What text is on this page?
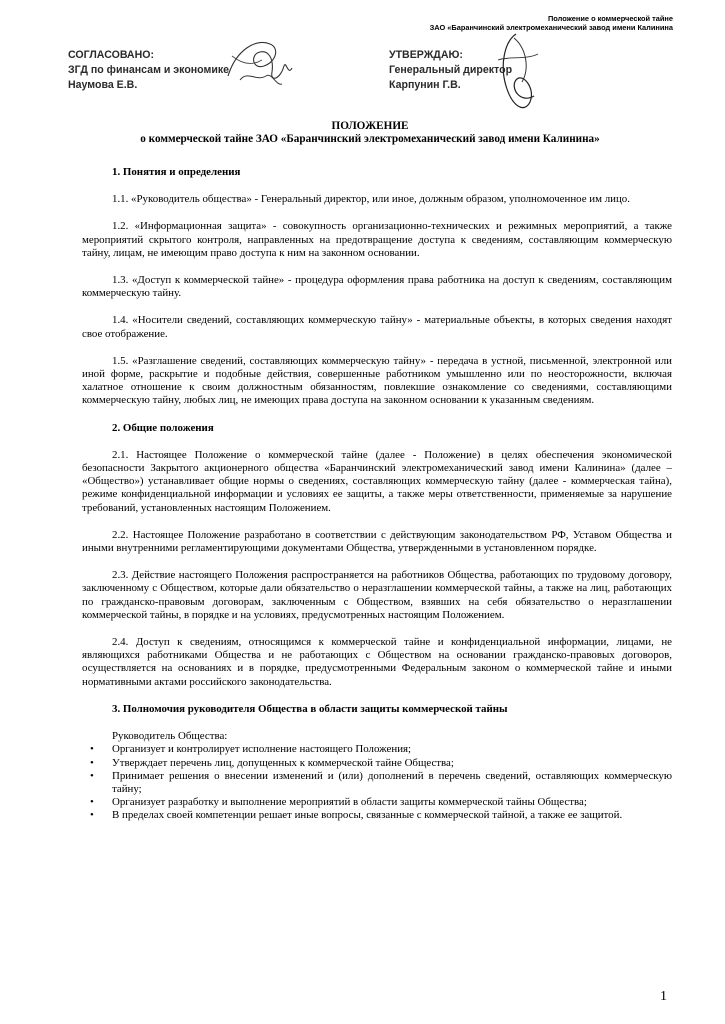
Положение о коммерческой тайне
ЗАО «Баранчинский электромеханический завод имени Калинина
СОГЛАСОВАНО:
ЗГД по финансам и экономике
Наумова Е.В.
УТВЕРЖДАЮ:
Генеральный директор
Карпунин Г.В.
ПОЛОЖЕНИЕ
о коммерческой тайне ЗАО «Баранчинский электромеханический завод имени Калинина»

1. Понятия и определения

1.1. «Руководитель общества» - Генеральный директор, или иное, должным образом, уполномоченное им лицо.

1.2. «Информационная защита» - совокупность организационно-технических и режимных мероприятий, а также мероприятий скрытого контроля, направленных на предотвращение доступа к сведениям, составляющим коммерческую тайну, лицам, не имеющим право доступа к ним на законном основании.

1.3. «Доступ к коммерческой тайне» - процедура оформления права работника на доступ к сведениям, составляющим коммерческую тайну.

1.4. «Носители сведений, составляющих коммерческую тайну» - материальные объекты, в которых сведения находят свое отображение.

1.5. «Разглашение сведений, составляющих коммерческую тайну» - передача в устной, письменной, электронной или иной форме, раскрытие и подобные действия, совершенные работником умышленно или по неосторожности, включая халатное отношение к своим должностным обязанностям, повлекшие ознакомление со сведениями, составляющими коммерческую тайну, любых лиц, не имеющих права доступа на законном основании к указанным сведениям.

2. Общие положения

2.1. Настоящее Положение о коммерческой тайне (далее - Положение) в целях обеспечения экономической безопасности Закрытого акционерного общества «Баранчинский электромеханический завод имени Калинина» (далее – «Общество») устанавливает общие нормы о сведениях, составляющих коммерческую тайну (далее - коммерческая тайна), режиме конфиденциальной информации и условиях ее защиты, а также меры ответственности, применяемые за нарушение требований, установленных настоящим Положением.

2.2. Настоящее Положение разработано в соответствии с действующим законодательством РФ, Уставом Общества и иными внутренними регламентирующими документами Общества, утвержденными в установленном порядке.

2.3. Действие настоящего Положения распространяется на работников Общества, работающих по трудовому договору, заключенному с Обществом, которые дали обязательство о неразглашении коммерческой тайны, а также на лиц, работающих по гражданско-правовым договорам, заключенным с Обществом, взявших на себя обязательство о неразглашении коммерческой тайны, в порядке и на условиях, предусмотренных настоящим Положением.

2.4. Доступ к сведениям, относящимся к коммерческой тайне и конфиденциальной информации, лицами, не являющихся работниками Общества и не работающих с Обществом на основании гражданско-правовых договоров, осуществляется на основаниях и в порядке, предусмотренными Федеральным законом о коммерческой тайне и иными нормативными актами российского законодательства.

3. Полномочия руководителя Общества в области защиты коммерческой тайны

Руководитель Общества:

• Организует и контролирует исполнение настоящего Положения;
• Утверждает перечень лиц, допущенных к коммерческой тайне Общества;
• Принимает решения о внесении изменений и (или) дополнений в перечень сведений, оставляющих коммерческую тайну;
• Организует разработку и выполнение мероприятий в области защиты коммерческой тайны Общества;
• В пределах своей компетенции решает иные вопросы, связанные с коммерческой тайной, а также ее защитой.
1
